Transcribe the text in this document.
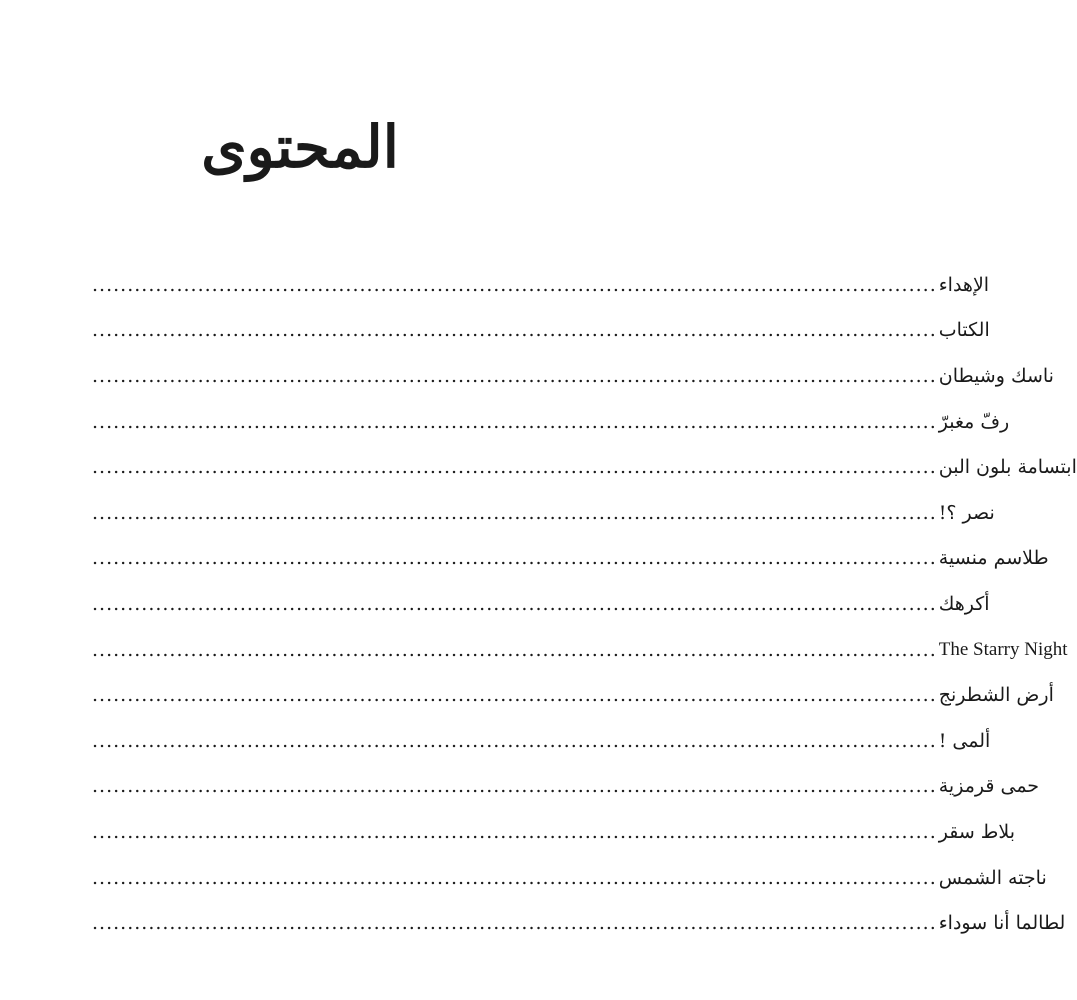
المحتوى
........................................................................................................................ الإهداء
........................................................................................................................ الكتاب
........................................................................................................................ ناسك وشيطان
........................................................................................................................ رفّ مغبرّ
........................................................................................................................ ابتسامة بلون البن
........................................................................................................................ نصر ؟!
........................................................................................................................ طلاسم منسية
........................................................................................................................ أكرهك
........................................................................................................................ The Starry Night
........................................................................................................................ أرض الشطرنج
........................................................................................................................ ألمى !
........................................................................................................................ حمى قرمزية
........................................................................................................................ بلاط سقر
........................................................................................................................ ناجته الشمس
........................................................................................................................ لطالما أنا سوداء
